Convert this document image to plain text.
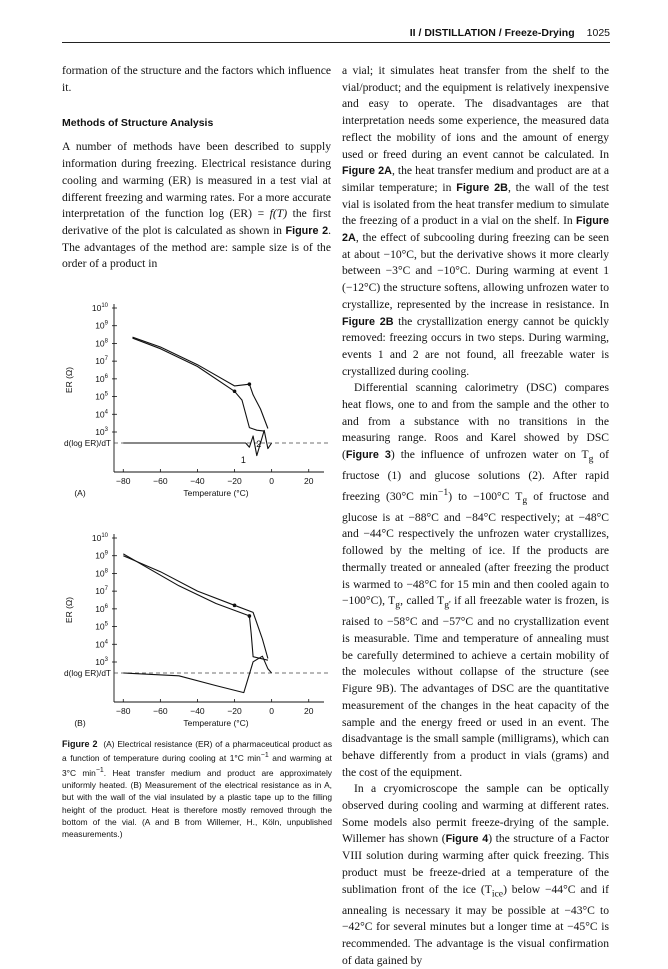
II / DISTILLATION / Freeze-Drying 1025

formation of the structure and the factors which influence it.

Methods of Structure Analysis

A number of methods have been described to supply information during freezing. Electrical resistance during cooling and warming (ER) is measured in a test vial at different freezing and warming rates. For a more accurate interpretation of the function log (ER) = f(T) the first derivative of the plot is calculated as shown in Figure 2. The advantages of the method are: sample size is of the order of a product in

$10^{10}$
$10^9$
$10^8$
$10^7$
$10^6$
$10^5$
$10^4$
$10^3$
ER (Ω)
d(log ER)/dT
−80	−60	−40	−20	0	20
Temperature (°C)
(A)
1
2
$10^{10}$
$10^9$
$10^8$
$10^7$
$10^6$
$10^5$
$10^4$
$10^3$
ER (Ω)
d(log ER)/dT
−80	−60	−40	−20	0	20
Temperature (°C)
(B)
Figure 2 (A) Electrical resistance (ER) of a pharmaceutical product as a function of temperature during cooling at 1°C $\min^{-1}$ and warming at 3°C $\min^{-1}$. Heat transfer medium and product are approximately uniformly heated. (B) Measurement of the electrical resistance as in A, but with the wall of the vial insulated by a plastic tape up to the filling height of the product. Heat is therefore mostly removed through the bottom of the vial. (A and B from Willemer, H., Köln, unpublished measurements.)

a vial; it simulates heat transfer from the shelf to the vial/product; and the equipment is relatively inexpensive and easy to operate. The disadvantages are that interpretation needs some experience, the measured data reflect the mobility of ions and the amount of energy used or freed during an event cannot be calculated. In Figure 2A, the heat transfer medium and product are at a similar temperature; in Figure 2B, the wall of the test vial is isolated from the heat transfer medium to simulate the freezing of a product in a vial on the shelf. In Figure 2A, the effect of subcooling during freezing can be seen at about −10°C, but the derivative shows it more clearly between −3°C and −10°C. During warming at event 1 (−12°C) the structure softens, allowing unfrozen water to crystallize, represented by the increase in resistance. In Figure 2B the crystallization energy cannot be quickly removed: freezing occurs in two steps. During warming, events 1 and 2 are not found, all freezable water is crystallized during cooling.

Differential scanning calorimetry (DSC) compares heat flows, one to and from the sample and the other to and from a substance with no transitions in the measuring range. Roos and Karel showed by DSC (Figure 3) the influence of unfrozen water on $T_g$ of fructose (1) and glucose solutions (2). After rapid freezing (30°C $\min^{-1}$) to −100°C $T_g$ of fructose and glucose is at −88°C and −84°C respectively; at −48°C and −44°C respectively the unfrozen water crystallizes, followed by the melting of ice. If the products are thermally treated or annealed (after freezing the product is warmed to −48°C for 15 min and then cooled again to −100°C), $T_g$, called $T_{g'}$ if all freezable water is frozen, is raised to −58°C and −57°C and no crystallization event is measurable. Time and temperature of annealing must be carefully determined to achieve a certain mobility of the molecules without collapse of the structure (see Figure 9B). The advantages of DSC are the quantitative measurement of the changes in the heat capacity of the sample and the energy freed or used in an event. The disadvantage is the small sample (milligrams), which can behave differently from a product in vials (grams) and the cost of the equipment.

In a cryomicroscope the sample can be optically observed during cooling and warming at different rates. Some models also permit freeze-drying of the sample. Willemer has shown (Figure 4) the structure of a Factor VIII solution during warming after quick freezing. This product must be freeze-dried at a temperature of the sublimation front of the ice $(T_{ice})$ below −44°C and if annealing is necessary it may be possible at −43°C to −42°C for several minutes but a longer time at −45°C is recommended. The advantage is the visual confirmation of data gained by
